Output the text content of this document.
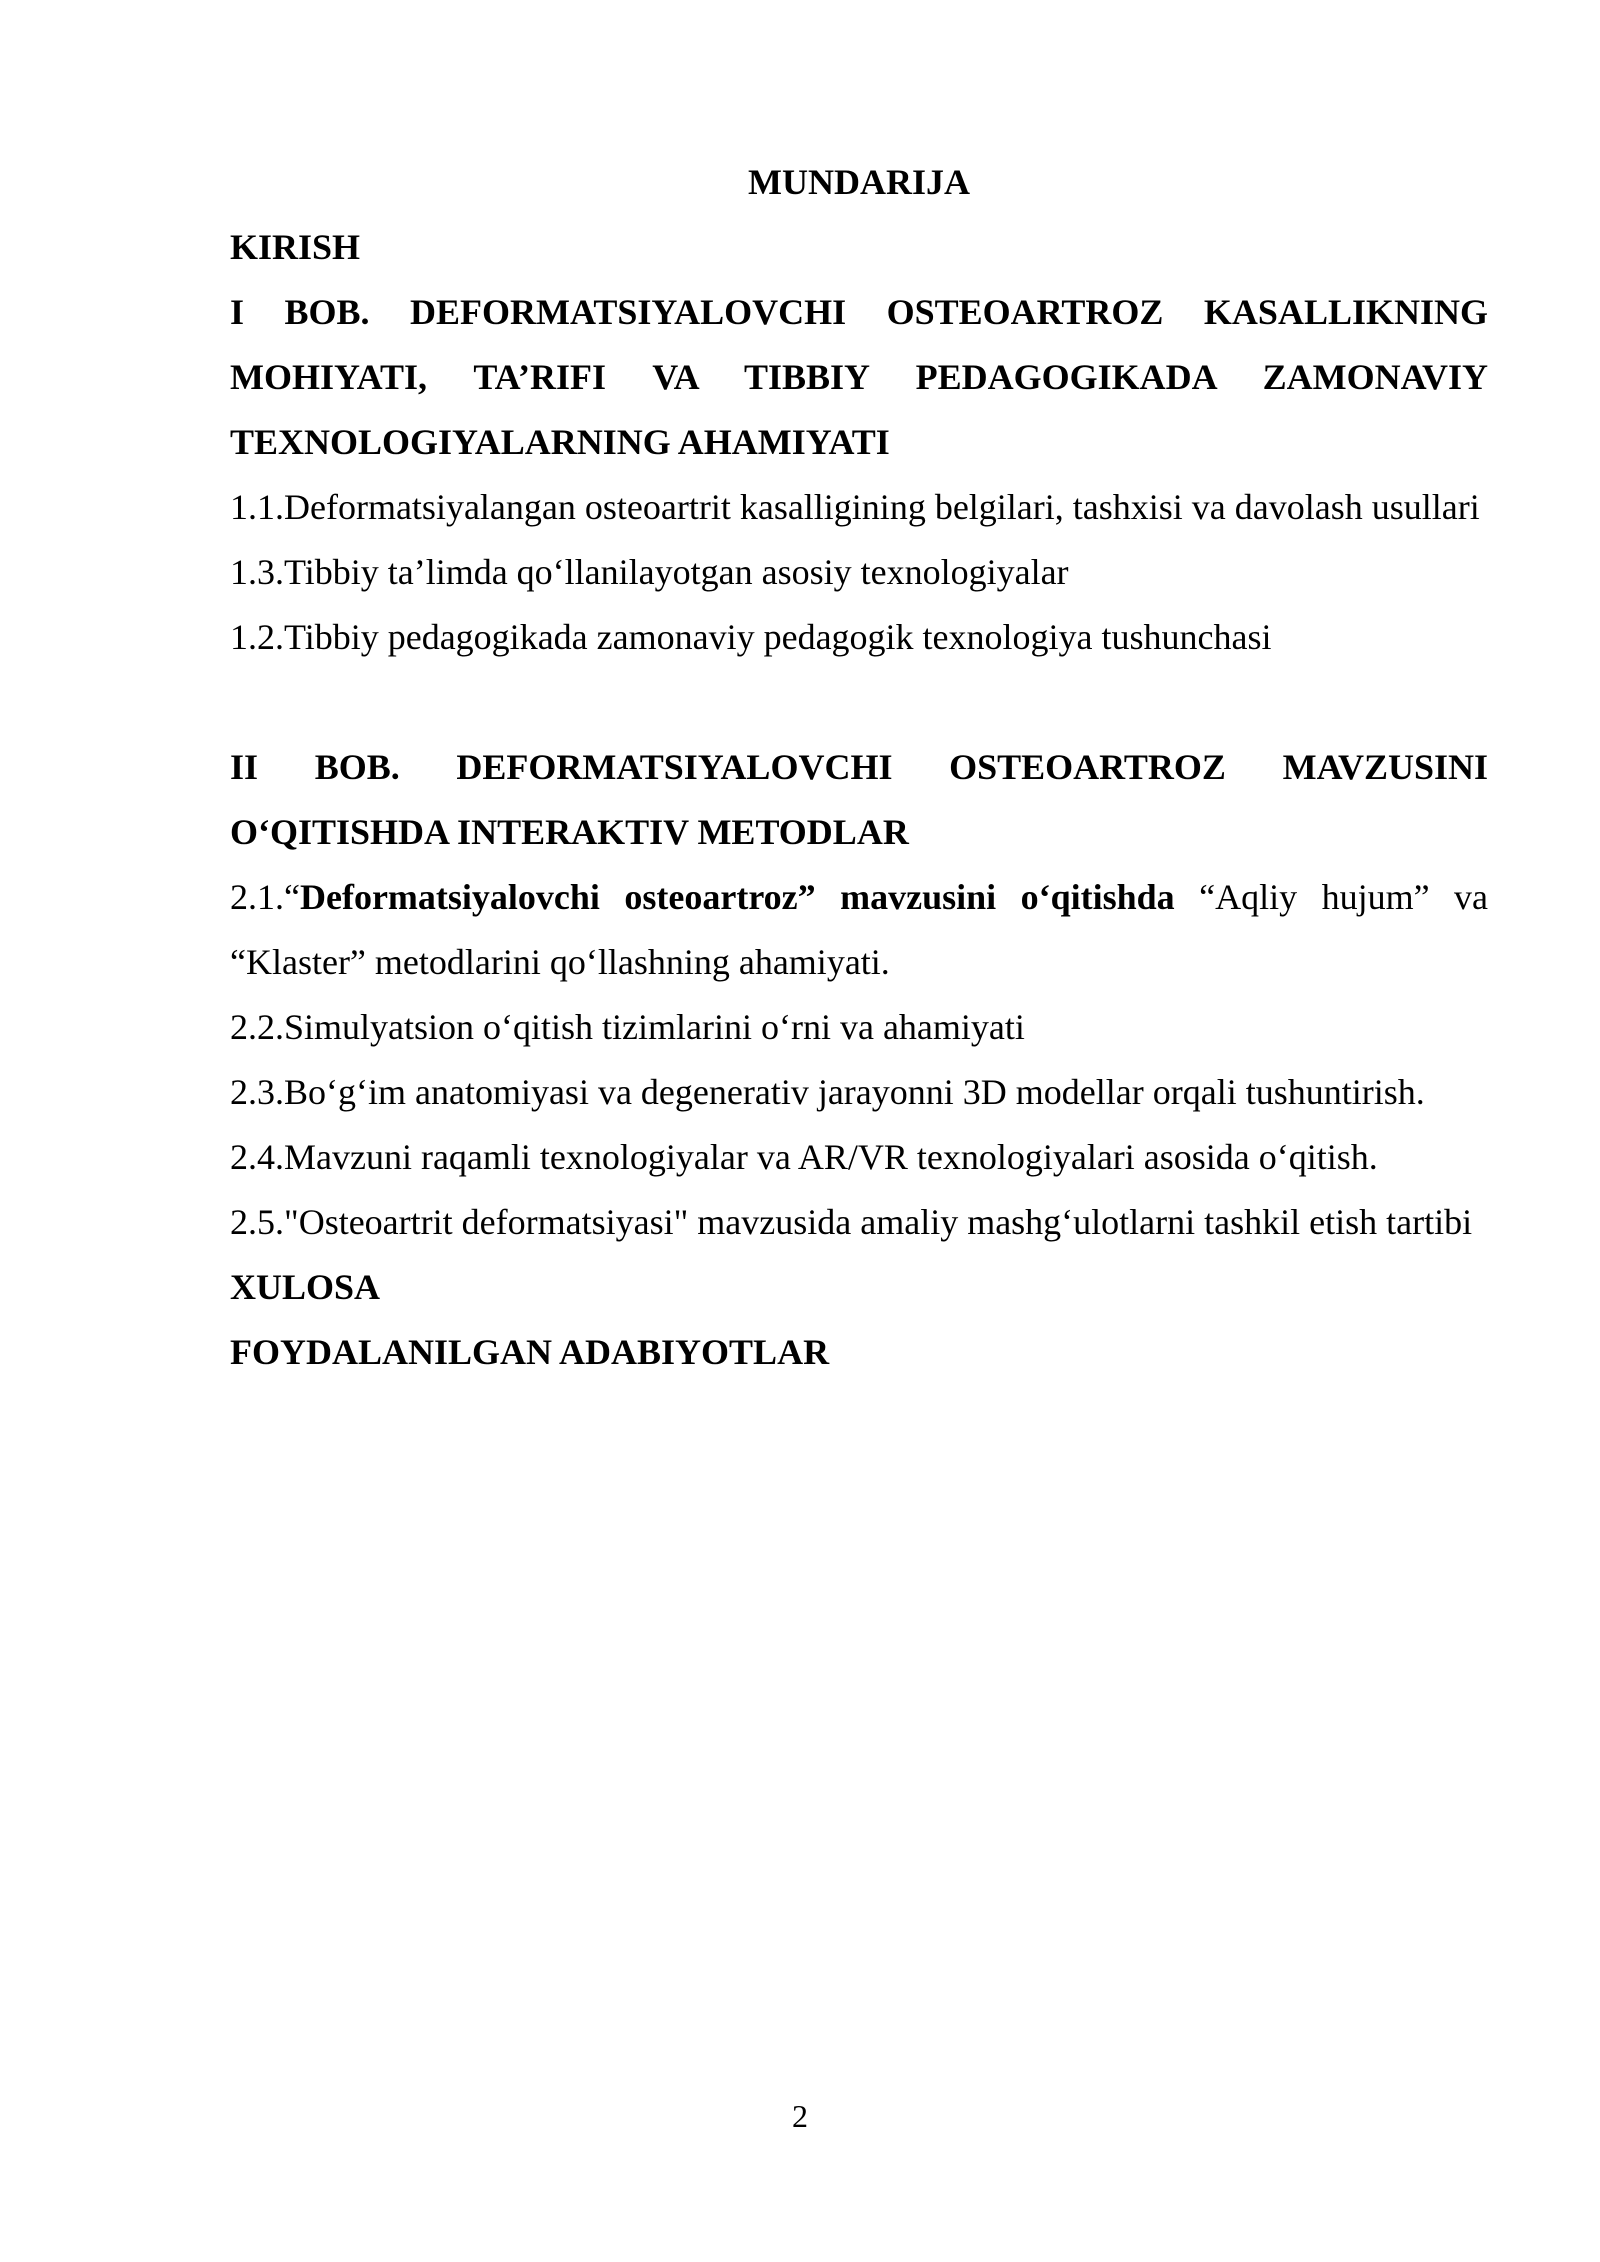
MUNDARIJA

KIRISH

I BOB. DEFORMATSIYALOVCHI OSTEOARTROZ KASALLIKNING MOHIYATI, TA’RIFI VA TIBBIY PEDAGOGIKADA ZAMONAVIY TEXNOLOGIYALARNING AHAMIYATI

1.1.Deformatsiyalangan osteoartrit kasalligining belgilari, tashxisi va davolash usullari

1.3.Tibbiy ta’limda qo‘llanilayotgan asosiy texnologiyalar

1.2.Tibbiy pedagogikada zamonaviy pedagogik texnologiya tushunchasi

II BOB. DEFORMATSIYALOVCHI OSTEOARTROZ MAVZUSINI O‘QITISHDA INTERAKTIV METODLAR

2.1.“Deformatsiyalovchi osteoartroz” mavzusini o‘qitishda “Aqliy hujum” va “Klaster” metodlarini qo‘llashning ahamiyati.

2.2.Simulyatsion o‘qitish tizimlarini o‘rni va ahamiyati

2.3.Bo‘g‘im anatomiyasi va degenerativ jarayonni 3D modellar orqali tushuntirish.

2.4.Mavzuni raqamli texnologiyalar va AR/VR texnologiyalari asosida o‘qitish.

2.5."Osteoartrit deformatsiyasi" mavzusida amaliy mashg‘ulotlarni tashkil etish tartibi

XULOSA

FOYDALANILGAN ADABIYOTLAR

2
